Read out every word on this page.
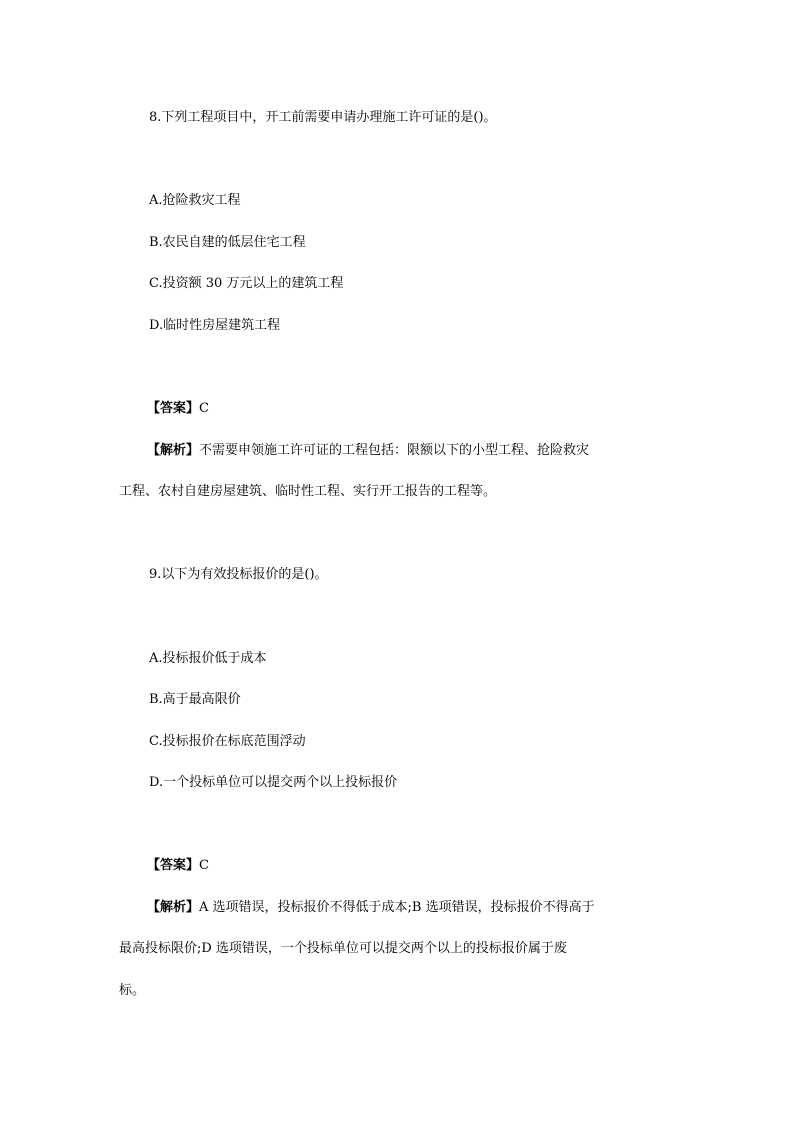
8.下列工程项目中，开工前需要申请办理施工许可证的是()。
A.抢险救灾工程
B.农民自建的低层住宅工程
C.投资额 30 万元以上的建筑工程
D.临时性房屋建筑工程
【答案】C
【解析】不需要申领施工许可证的工程包括：限额以下的小型工程、抢险救灾
工程、农村自建房屋建筑、临时性工程、实行开工报告的工程等。
9.以下为有效投标报价的是()。
A.投标报价低于成本
B.高于最高限价
C.投标报价在标底范围浮动
D.一个投标单位可以提交两个以上投标报价
【答案】C
【解析】A 选项错误，投标报价不得低于成本;B 选项错误，投标报价不得高于
最高投标限价;D 选项错误，一个投标单位可以提交两个以上的投标报价属于废
标。
